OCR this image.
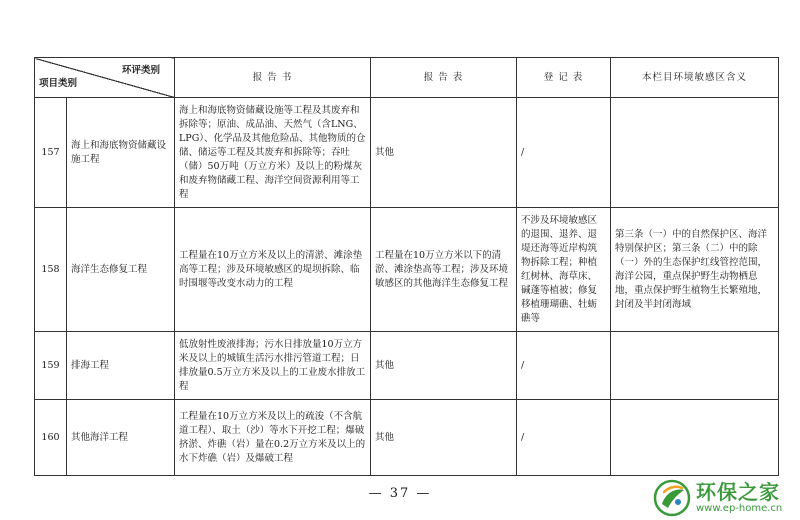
环评类别
项目类别		报 告 书	报 告 表	登 记 表	本栏目环境敏感区含义
157	海上和海底物资储藏设施工程	海上和海底物资储藏设施等工程及其废弃和拆除等；原油、成品油、天然气（含LNG、LPG）、化学品及其他危险品、其他物质的仓储、储运等工程及其废弃和拆除等；吞吐（储）50万吨（万立方米）及以上的粉煤灰和废弃物储藏工程、海洋空间资源利用等工程	其他	/	
158	海洋生态修复工程	工程量在10万立方米及以上的清淤、滩涂垫高等工程；涉及环境敏感区的堤坝拆除、临时围堰等改变水动力的工程	工程量在10万立方米以下的清淤、滩涂垫高等工程；涉及环境敏感区的其他海洋生态修复工程	不涉及环境敏感区的退围、退养、退堤还海等近岸构筑物拆除工程；种植红树林、海草床、碱蓬等植被；修复移植珊瑚礁、牡蛎礁等	第三条（一）中的自然保护区、海洋特别保护区；第三条（二）中的除（一）外的生态保护红线管控范围，海洋公园，重点保护野生动物栖息地，重点保护野生植物生长繁殖地，封闭及半封闭海域
159	排海工程	低放射性废液排海；污水日排放量10万立方米及以上的城镇生活污水排污管道工程；日排放量0.5万立方米及以上的工业废水排放工程	其他	/	
160	其他海洋工程	工程量在10万立方米及以上的疏浚（不含航道工程）、取土（沙）等水下开挖工程；爆破挤淤、炸礁（岩）量在0.2万立方米及以上的水下炸礁（岩）及爆破工程	其他	/	
— 37 —	环保之家
www.ep-home.cn
